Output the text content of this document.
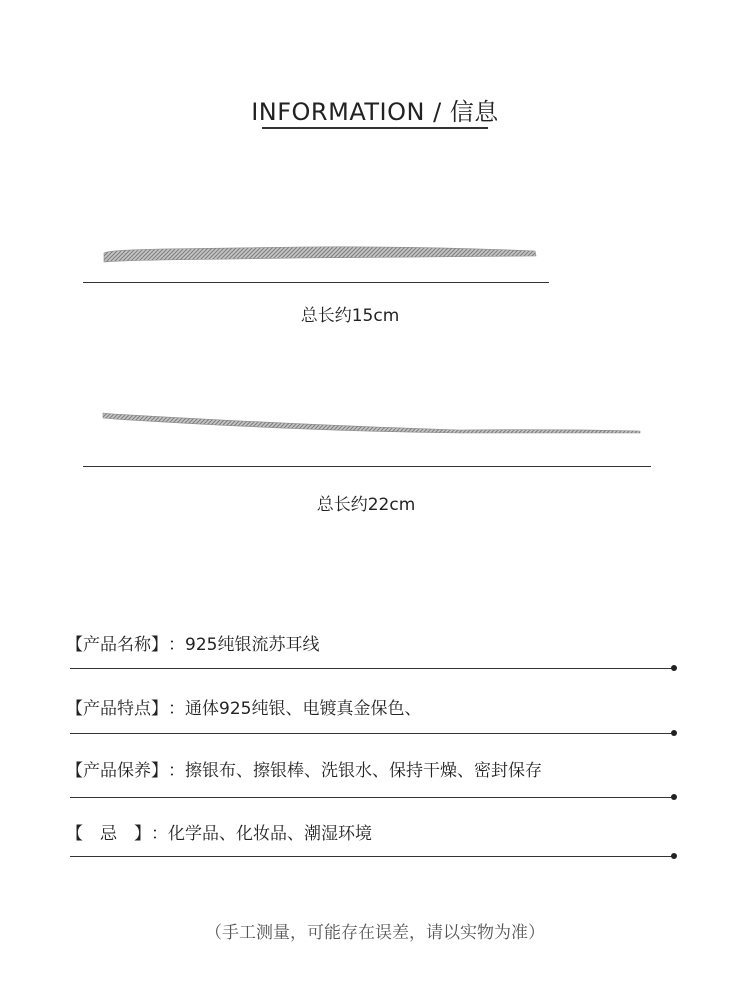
INFORMATION / 信息
总长约15cm
总长约22cm
【产品名称】：925纯银流苏耳线
【产品特点】：通体925纯银、电镀真金保色、
【产品保养】：擦银布、擦银棒、洗银水、保持干燥、密封保存
【　忌　】：化学品、化妆品、潮湿环境
（手工测量，可能存在误差，请以实物为准）
